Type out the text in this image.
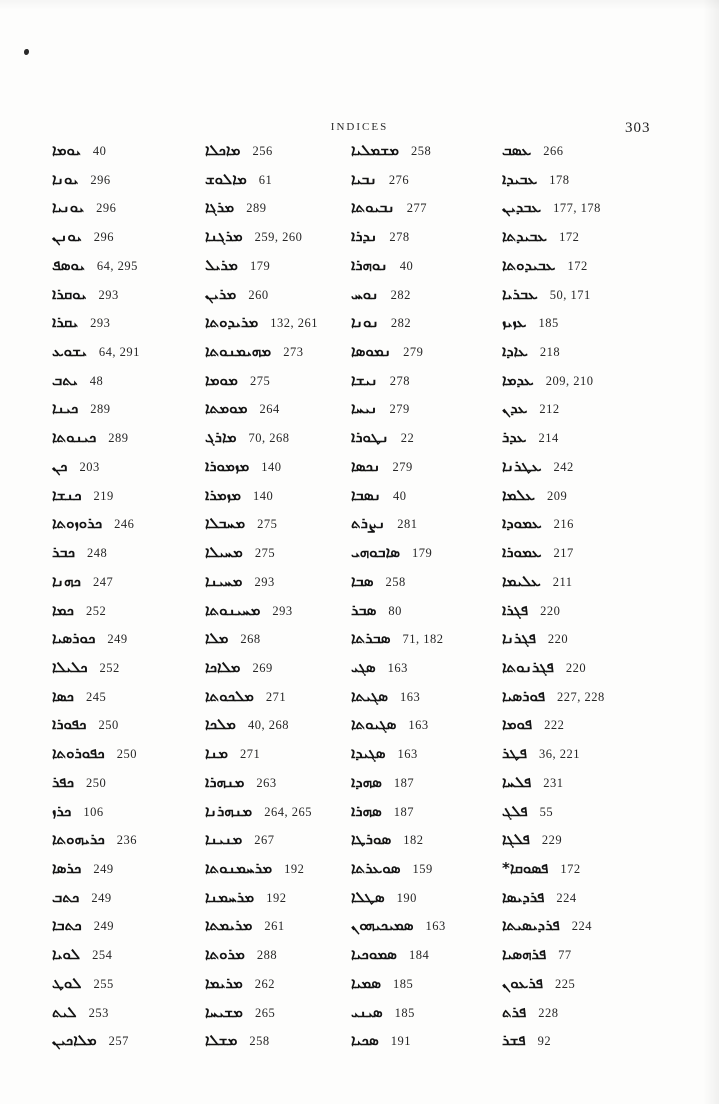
INDICES	303
ܝܘܡܐ 40
ܝܘܢܐ 296
ܝܘܢܝܐ 296
ܝܘܢܢ 296
ܝܘܣܦ 64, 295
ܝܘܩܪܐ 293
ܝܩܪܐ 293
ܝܫܘܥ 64, 291
ܝܬܒ 48
ܟܝܢܐ 289
ܟܝܢܘܬܐ 289
ܟܢ 203
ܟܢܫܐ 219
ܟܪܘܙܘܬܐ 246
ܟܒܪ 248
ܟܗܢܐ 247
ܟܡܐ 252
ܟܘܪܣܝܐ 249
ܟܠܝܠܐ 252
ܟܣܐ 245
ܟܦܘܪܐ 250
ܟܦܘܪܘܬܐ 250
ܟܦܪ 250
ܟܪܙ 106
ܟܪܝܗܘܬܐ 236
ܟܪܣܐ 249
ܟܬܒ 249
ܟܬܒܐ 249
ܠܘܝܐ 254
ܠܘܛ 255
ܠܝܬ 253
ܡܠܐܟܝܢ 257
ܡܐܟܠܐ 256
ܡܐܠܘܫ 61
ܡܪܓܐ 289
ܡܪܓܢܐ 259, 260
ܡܪܝܠ 179
ܡܪܝܢ 260
ܡܪܝܕܘܬܐ 132, 261
ܡܗܝܡܢܘܬܐ 273
ܡܘܡܐ 275
ܡܘܡܬܐ 264
ܡܐܪܓ 70, 268
ܡܙܡܘܪܐ 140
ܡܙܡܪܐ 140
ܡܚܒܠܐ 275
ܡܚܝܠܐ 275
ܡܚܝܢܐ 293
ܡܚܝܢܘܬܐ 293
ܡܠܐ 268
ܡܠܐܟܐ 269
ܡܠܟܘܬܐ 271
ܡܠܟܐ 40, 268
ܡܢܐ 271
ܡܢܗܪܐ 263
ܡܢܗܪܢܐ 264, 265
ܡܢܝܢܐ 267
ܡܪܚܡܢܘܬܐ 192
ܡܪܚܡܢܐ 192
ܡܪܝܡܬܐ 261
ܡܪܘܬܐ 288
ܡܪܝܡܐ 262
ܡܫܝܚܐ 265
ܡܫܠܐ 258
ܡܫܡܠܝܐ 258
ܢܒܝܐ 276
ܢܒܝܘܬܐ 277
ܢܕܪܐ 278
ܢܘܗܪܐ 40
ܢܘܚ 282
ܢܘܢܐ 282
ܢܡܘܣܐ 279
ܢܝܫܐ 278
ܢܝܚܐ 279
ܢܛܘܪܐ 22
ܢܟܣܐ 279
ܢܣܒܐ 40
ܢܨܪܬ 281
ܣܐܒܘܗܝ 179
ܣܒܐ 258
ܣܒܪ 80
ܣܒܪܬܐ 71, 182
ܣܓܝ 163
ܣܓܝܬܐ 163
ܣܓܝܘܬܐ 163
ܣܓܝܕܐ 163
ܣܗܕܐ 187
ܣܗܪܐ 187
ܣܘܪܛܐ 182
ܣܘܥܪܬܐ 159
ܣܛܠܐ 190
ܣܡܝܟܝܗܘܢ 163
ܣܡܘܟܝܐ 184
ܣܡܝܐ 185
ܣܝܢܝ 185
ܣܟܝܐ 191
ܥܣܒ 266
ܥܒܝܕܐ 178
ܥܒܕܝܢ 177, 178
ܥܒܝܕܬܐ 172
ܥܒܝܕܘܬܐ 172
ܥܒܪܝܐ 50, 171
ܥܙܝܙ 185
ܥܐܕܐ 218
ܥܕܡܐ 209, 210
ܥܕܢ 212
ܥܕܪ 214
ܥܛܪܢܐ 242
ܥܠܡܐ 209
ܥܡܘܕܐ 216
ܥܡܘܪܐ 217
ܥܠܝܡܐ 211
ܦܓܪܐ 220
ܦܓܪܢܐ 220
ܦܓܪܢܘܬܐ 220
ܦܘܪܣܝܐ 227, 228
ܦܘܡܐ 222
ܦܛܪ 36, 221
ܦܠܚܐ 231
ܦܠܓ 55
ܦܠܓܐ 229
ܦܣܘܩܐ* 172
ܦܪܕܝܣܐ 224
ܦܪܕܝܣܝܬܐ 224
ܦܪܗܣܝܐ 77
ܦܪܥܘܢ 225
ܦܪܬ 228
ܦܫܪ 92
